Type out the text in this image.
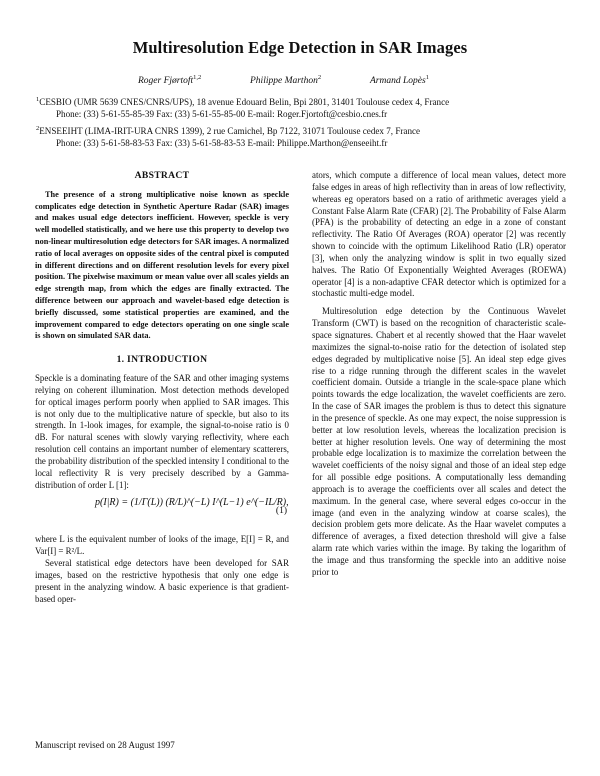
Multiresolution Edge Detection in SAR Images
Roger Fjørtoft$^{1,2}$	Philippe Marthon$^2$	Armand Lopès$^1$
$^1$CESBIO (UMR 5639 CNES/CNRS/UPS), 18 avenue Edouard Belin, Bpi 2801, 31401 Toulouse cedex 4, France
Phone: (33) 5-61-55-85-39 Fax: (33) 5-61-55-85-00 E-mail: Roger.Fjortoft@cesbio.cnes.fr
$^2$ENSEEIHT (LIMA-IRIT-URA CNRS 1399), 2 rue Camichel, Bp 7122, 31071 Toulouse cedex 7, France
Phone: (33) 5-61-58-83-53 Fax: (33) 5-61-58-83-53 E-mail: Philippe.Marthon@enseeiht.fr
ABSTRACT

The presence of a strong multiplicative noise known as speckle complicates edge detection in Synthetic Aperture Radar (SAR) images and makes usual edge detectors inefficient. However, speckle is very well modelled statistically, and we here use this property to develop two non-linear multiresolution edge detectors for SAR images. A normalized ratio of local averages on opposite sides of the central pixel is computed in different directions and on different resolution levels for every pixel position. The pixelwise maximum or mean value over all scales yields an edge strength map, from which the edges are finally extracted. The difference between our approach and wavelet-based edge detection is briefly discussed, some statistical properties are examined, and the improvement compared to edge detectors operating on one single scale is shown on simulated SAR data.

1. INTRODUCTION

Speckle is a dominating feature of the SAR and other imaging systems relying on coherent illumination. Most detection methods developed for optical images perform poorly when applied to SAR images. This is not only due to the multiplicative nature of speckle, but also to its strength. In 1-look images, for example, the signal-to-noise ratio is 0 dB. For natural scenes with slowly varying reflectivity, where each resolution cell contains an important number of elementary scatterers, the probability distribution of the speckled intensity I conditional to the local reflectivity R is very precisely described by a Gamma-distribution of order L [1]:

p(I|R) = (1/Γ(L)) (R/L)^(−L) I^(L−1) e^(−IL/R),
(1)

where L is the equivalent number of looks of the image, E[I] = R, and Var[I] = R²/L.

Several statistical edge detectors have been developed for SAR images, based on the restrictive hypothesis that only one edge is present in the analyzing window. A basic experience is that gradient-based oper-

ators, which compute a difference of local mean values, detect more false edges in areas of high reflectivity than in areas of low reflectivity, whereas eg operators based on a ratio of arithmetic averages yield a Constant False Alarm Rate (CFAR) [2]. The Probability of False Alarm (PFA) is the probability of detecting an edge in a zone of constant reflectivity. The Ratio Of Averages (ROA) operator [2] was recently shown to coincide with the optimum Likelihood Ratio (LR) operator [3], when only the analyzing window is split in two equally sized halves. The Ratio Of Exponentially Weighted Averages (ROEWA) operator [4] is a non-adaptive CFAR detector which is optimized for a stochastic multi-edge model.

Multiresolution edge detection by the Continuous Wavelet Transform (CWT) is based on the recognition of characteristic scale-space signatures. Chabert et al recently showed that the Haar wavelet maximizes the signal-to-noise ratio for the detection of isolated step edges degraded by multiplicative noise [5]. An ideal step edge gives rise to a ridge running through the different scales in the wavelet coefficient domain. Outside a triangle in the scale-space plane which points towards the edge localization, the wavelet coefficients are zero. In the case of SAR images the problem is thus to detect this signature in the presence of speckle. As one may expect, the noise suppression is better at low resolution levels, whereas the localization precision is better at higher resolution levels. One way of determining the most probable edge localization is to maximize the correlation between the wavelet coefficients of the noisy signal and those of an ideal step edge for all possible edge positions. A computationally less demanding approach is to average the coefficients over all scales and detect the maximum. In the general case, where several edges co-occur in the image (and even in the analyzing window at coarse scales), the decision problem gets more delicate. As the Haar wavelet computes a difference of averages, a fixed detection threshold will give a false alarm rate which varies within the image. By taking the logarithm of the image and thus transforming the speckle into an additive noise prior to

Manuscript revised on 28 August 1997
